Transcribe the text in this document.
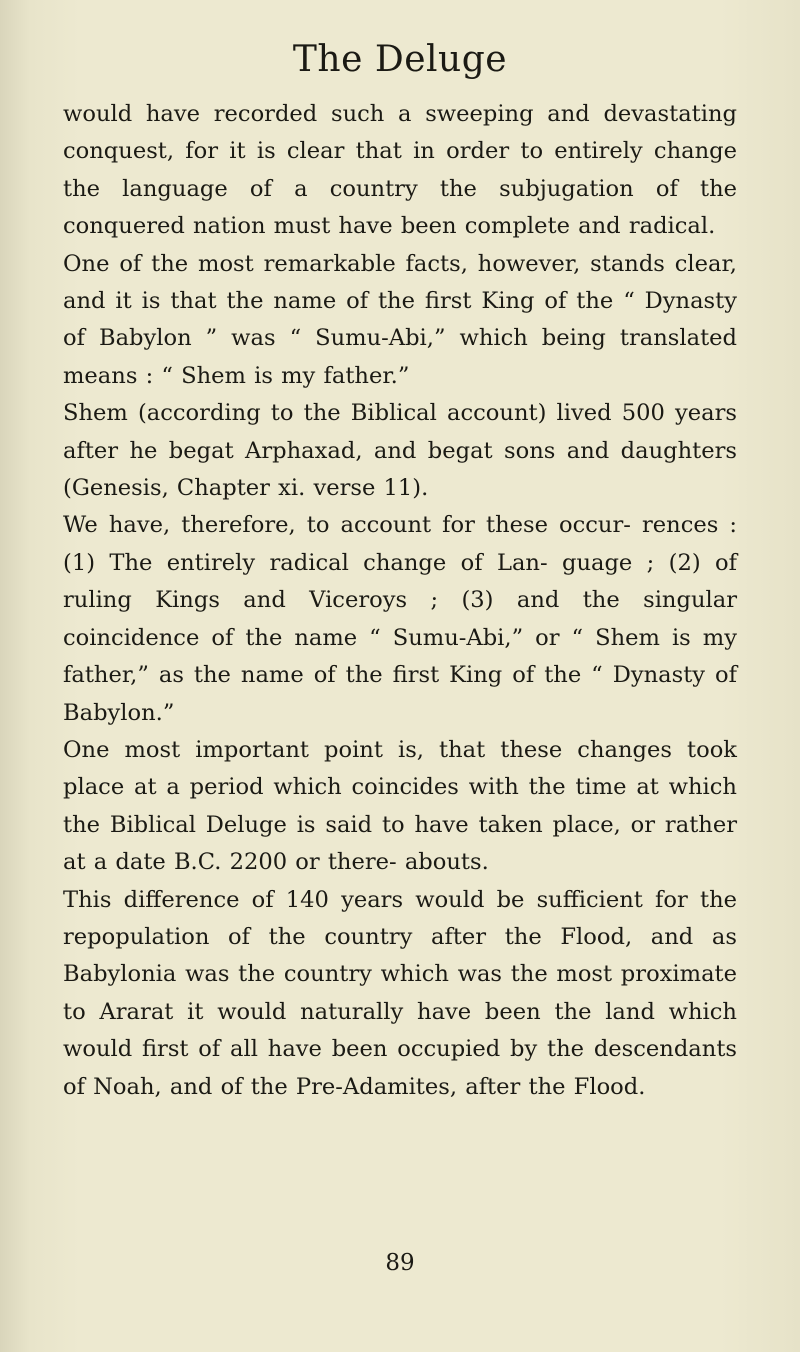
The Deluge

would have recorded such a sweeping and devastating conquest, for it is clear that in order to entirely change the language of a country the subjugation of the conquered nation must have been complete and radical.

One of the most remarkable facts, however, stands clear, and it is that the name of the first King of the “ Dynasty of Babylon ” was “ Sumu-Abi,” which being translated means : “ Shem is my father.”

Shem (according to the Biblical account) lived 500 years after he begat Arphaxad, and begat sons and daughters (Genesis, Chapter xi. verse 11).

We have, therefore, to account for these occur- rences : (1) The entirely radical change of Lan- guage ; (2) of ruling Kings and Viceroys ; (3) and the singular coincidence of the name “ Sumu-Abi,” or “ Shem is my father,” as the name of the first King of the “ Dynasty of Babylon.”

One most important point is, that these changes took place at a period which coincides with the time at which the Biblical Deluge is said to have taken place, or rather at a date B.C. 2200 or there- abouts.

This difference of 140 years would be sufficient for the repopulation of the country after the Flood, and as Babylonia was the country which was the most proximate to Ararat it would naturally have been the land which would first of all have been occupied by the descendants of Noah, and of the Pre-Adamites, after the Flood.

89
